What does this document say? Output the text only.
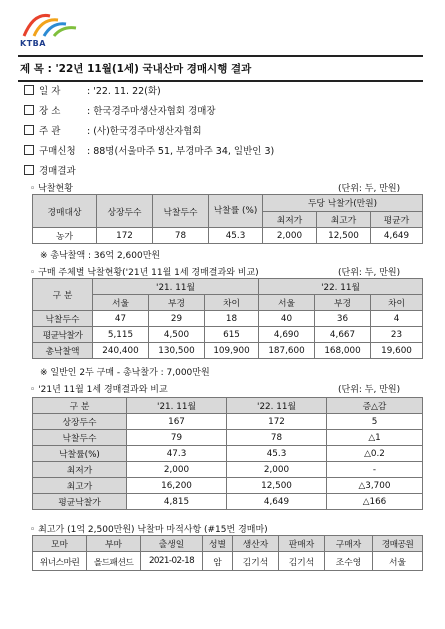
KTBA
제 목 : '22년 11월(1세) 국내산마 경매시행 결과
일 자	: '22. 11. 22(화)
장 소	: 한국경주마생산자협회 경매장
주 관	: (사)한국경주마생산자협회
구매신청 : 88명(서울마주 51, 부경마주 34, 일반인 3)
경매결과
◦ 낙찰현황	(단위: 두, 만원)
경매대상	상장두수	낙찰두수	낙찰률 (%)	두당 낙찰가(만원)		
				최저가	최고가	평균가
농가	172	78	45.3	2,000	12,500	4,649
※ 총낙찰액 : 36억 2,600만원
◦ 구매 주체별 낙찰현황('21년 11월 1세 경매결과와 비교)	(단위: 두, 만원)
구 분	'21. 11월			'22. 11월		
	서울	부경	차이	서울	부경	차이
낙찰두수	47	29	18	40	36	4
평균낙찰가	5,115	4,500	615	4,690	4,667	23
총낙찰액	240,400	130,500	109,900	187,600	168,000	19,600
※ 일반인 2두 구매 - 총낙찰가 : 7,000만원
◦ '21년 11월 1세 경매결과와 비교	(단위: 두, 만원)
구 분	'21. 11월	'22. 11월	증△감
상장두수	167	172	5
낙찰두수	79	78	△1
낙찰률(%)	47.3	45.3	△0.2
최저가	2,000	2,000	-
최고가	16,200	12,500	△3,700
평균낙찰가	4,815	4,649	△166
◦ 최고가 (1억 2,500만원) 낙찰마 마적사항 (#15번 경매마)
모마	부마	출생일	성별	생산자	판매자	구매자	경매공원
위너스마린	올드패션드	2021-02-18	암	김기석	김기석	조수영	서울
